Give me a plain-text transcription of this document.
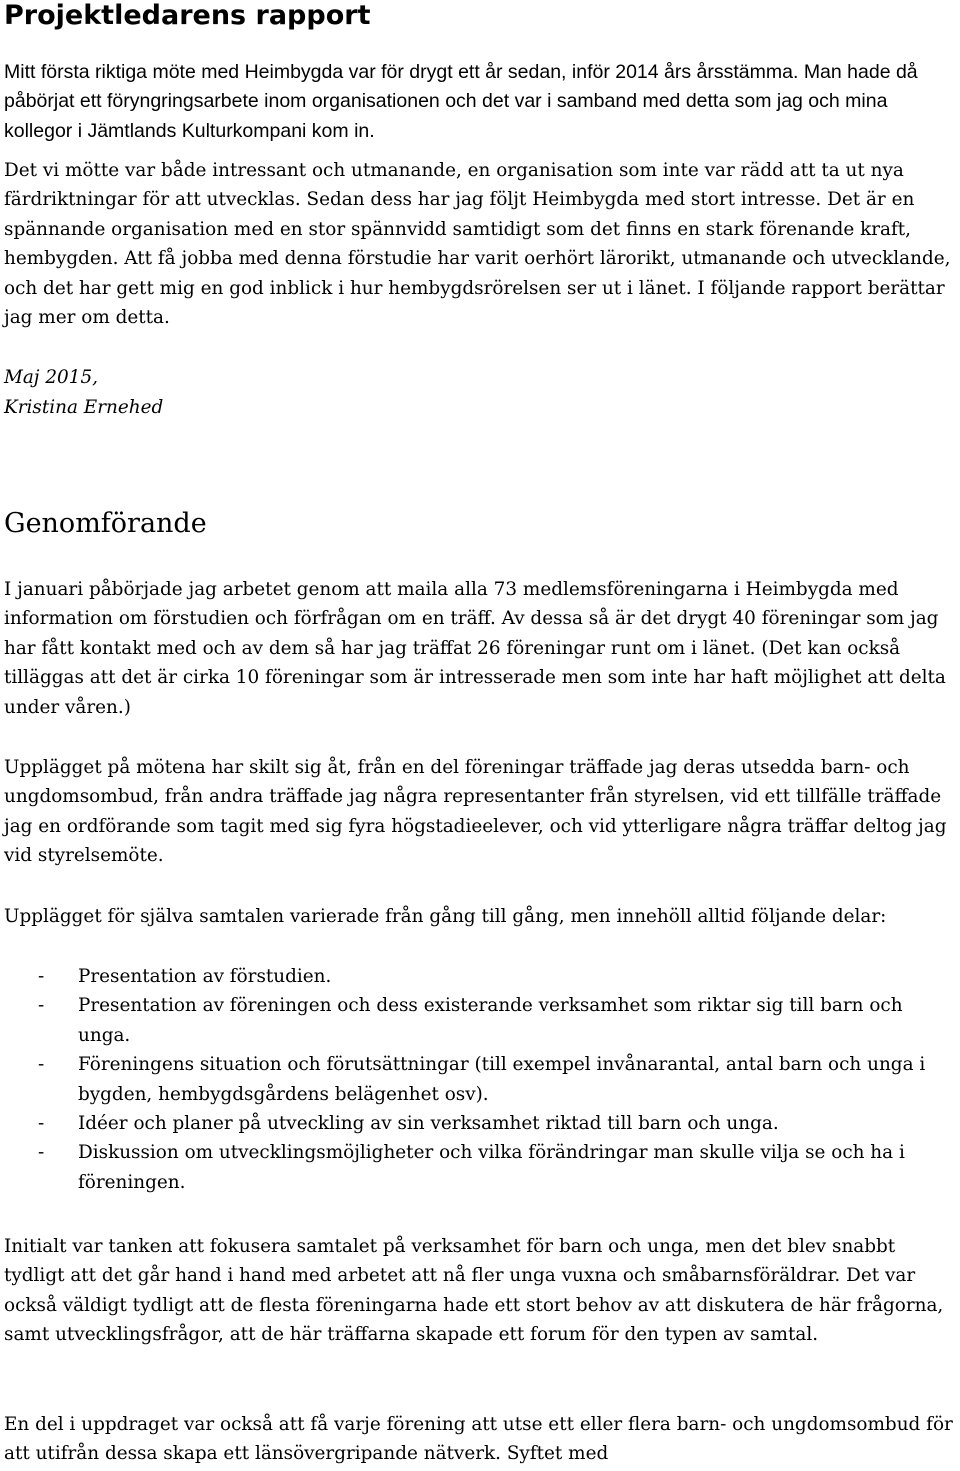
Projektledarens rapport

Mitt första riktiga möte med Heimbygda var för drygt ett år sedan, inför 2014 års årsstämma. Man hade då påbörjat ett föryngringsarbete inom organisationen och det var i samband med detta som jag och mina kollegor i Jämtlands Kulturkompani kom in.

Det vi mötte var både intressant och utmanande, en organisation som inte var rädd att ta ut nya färdriktningar för att utvecklas. Sedan dess har jag följt Heimbygda med stort intresse. Det är en spännande organisation med en stor spännvidd samtidigt som det finns en stark förenande kraft, hembygden. Att få jobba med denna förstudie har varit oerhört lärorikt, utmanande och utvecklande, och det har gett mig en god inblick i hur hembygdsrörelsen ser ut i länet. I följande rapport berättar jag mer om detta.

Maj 2015,

Kristina Ernehed

Genomförande

I januari påbörjade jag arbetet genom att maila alla 73 medlemsföreningarna i Heimbygda med information om förstudien och förfrågan om en träff. Av dessa så är det drygt 40 föreningar som jag har fått kontakt med och av dem så har jag träffat 26 föreningar runt om i länet. (Det kan också tilläggas att det är cirka 10 föreningar som är intresserade men som inte har haft möjlighet att delta under våren.)

Upplägget på mötena har skilt sig åt, från en del föreningar träffade jag deras utsedda barn- och ungdomsombud, från andra träffade jag några representanter från styrelsen, vid ett tillfälle träffade jag en ordförande som tagit med sig fyra högstadieelever, och vid ytterligare några träffar deltog jag vid styrelsemöte.

Upplägget för själva samtalen varierade från gång till gång, men innehöll alltid följande delar:

- Presentation av förstudien.
- Presentation av föreningen och dess existerande verksamhet som riktar sig till barn och unga.
- Föreningens situation och förutsättningar (till exempel invånarantal, antal barn och unga i bygden, hembygdsgårdens belägenhet osv).
- Idéer och planer på utveckling av sin verksamhet riktad till barn och unga.
- Diskussion om utvecklingsmöjligheter och vilka förändringar man skulle vilja se och ha i föreningen.

Initialt var tanken att fokusera samtalet på verksamhet för barn och unga, men det blev snabbt tydligt att det går hand i hand med arbetet att nå fler unga vuxna och småbarnsföräldrar. Det var också väldigt tydligt att de flesta föreningarna hade ett stort behov av att diskutera de här frågorna, samt utvecklingsfrågor, att de här träffarna skapade ett forum för den typen av samtal.

En del i uppdraget var också att få varje förening att utse ett eller flera barn- och ungdomsombud för att utifrån dessa skapa ett länsövergripande nätverk. Syftet med
